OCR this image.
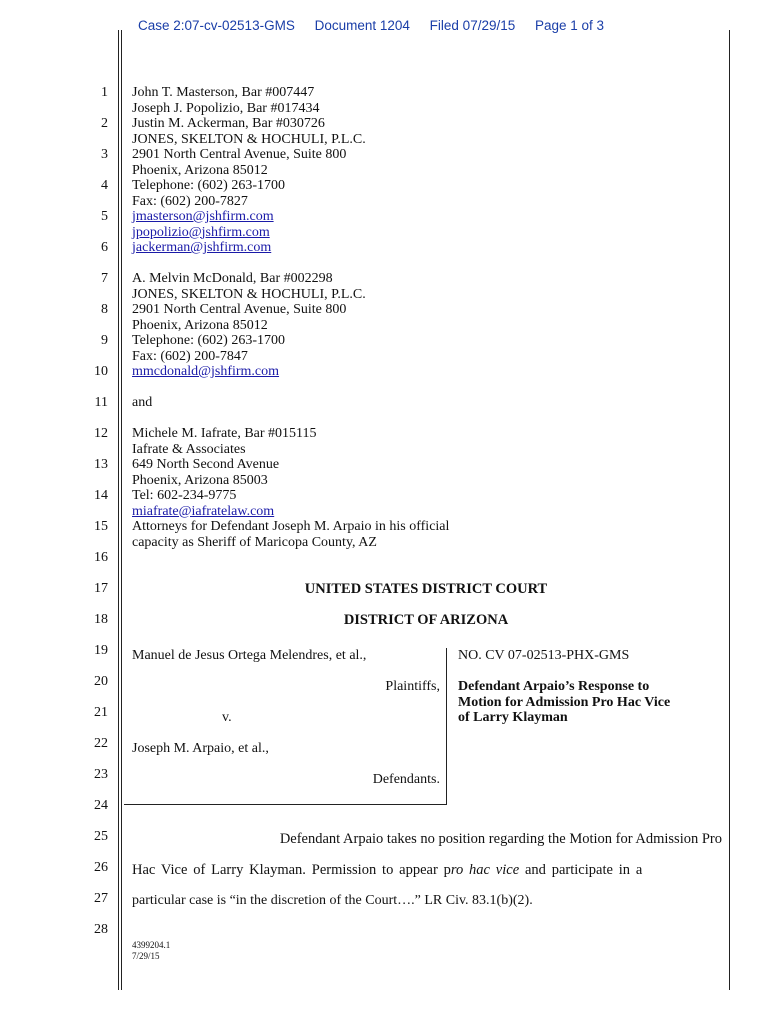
Case 2:07-cv-02513-GMS Document 1204 Filed 07/29/15 Page 1 of 3
1
2
3
4
5
6
7
8
9
10
11
12
13
14
15
16
17
18
19
20
21
22
23
24
25
26
27
28
John T. Masterson, Bar #007447
Joseph J. Popolizio, Bar #017434
Justin M. Ackerman, Bar #030726
JONES, SKELTON & HOCHULI, P.L.C.
2901 North Central Avenue, Suite 800
Phoenix, Arizona 85012
Telephone: (602) 263-1700
Fax: (602) 200-7827
jmasterson@jshfirm.com
jpopolizio@jshfirm.com
jackerman@jshfirm.com
A. Melvin McDonald, Bar #002298
JONES, SKELTON & HOCHULI, P.L.C.
2901 North Central Avenue, Suite 800
Phoenix, Arizona 85012
Telephone: (602) 263-1700
Fax: (602) 200-7847
mmcdonald@jshfirm.com
and
Michele M. Iafrate, Bar #015115
Iafrate & Associates
649 North Second Avenue
Phoenix, Arizona 85003
Tel: 602-234-9775
miafrate@iafratelaw.com
Attorneys for Defendant Joseph M. Arpaio in his official
capacity as Sheriff of Maricopa County, AZ
UNITED STATES DISTRICT COURT
DISTRICT OF ARIZONA
Manuel de Jesus Ortega Melendres, et al.,
Plaintiffs,
v.
Joseph M. Arpaio, et al.,
Defendants.
NO. CV 07-02513-PHX-GMS
Defendant Arpaio’s Response to
Motion for Admission Pro Hac Vice
of Larry Klayman
Defendant Arpaio takes no position regarding the Motion for Admission Pro
Hac Vice of Larry Klayman. Permission to appear pro hac vice and participate in a
particular case is “in the discretion of the Court….” LR Civ. 83.1(b)(2).
4399204.1
7/29/15
